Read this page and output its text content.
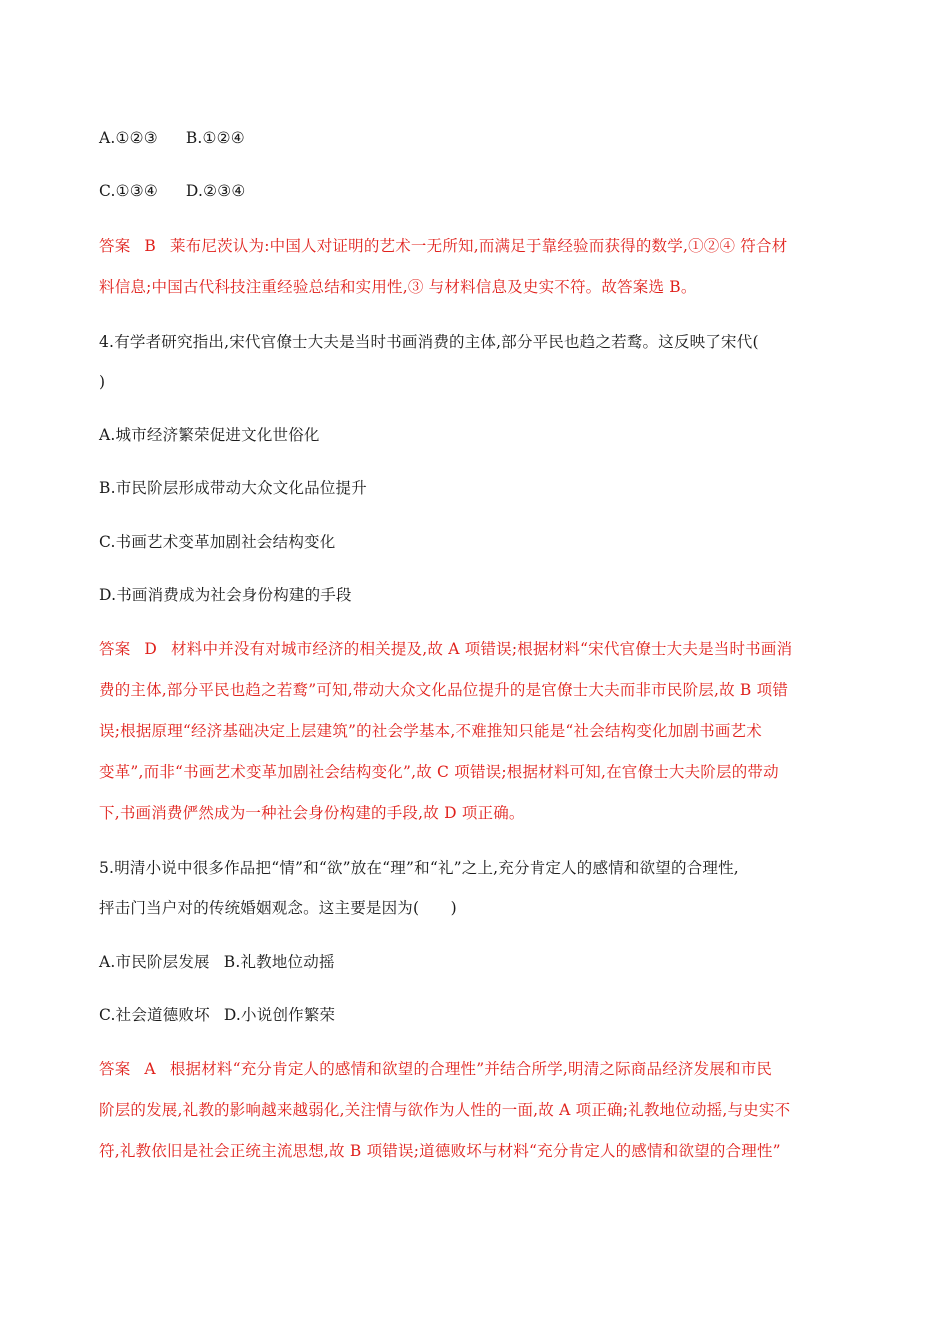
A.①②③ B.①②④
C.①③④ D.②③④
答案 B 莱布尼茨认为:中国人对证明的艺术一无所知,而满足于靠经验而获得的数学,①②④ 符合材
料信息;中国古代科技注重经验总结和实用性,③ 与材料信息及史实不符。故答案选 B。
4.有学者研究指出,宋代官僚士大夫是当时书画消费的主体,部分平民也趋之若鹜。这反映了宋代(
)
A.城市经济繁荣促进文化世俗化
B.市民阶层形成带动大众文化品位提升
C.书画艺术变革加剧社会结构变化
D.书画消费成为社会身份构建的手段
答案 D 材料中并没有对城市经济的相关提及,故 A 项错误;根据材料“宋代官僚士大夫是当时书画消
费的主体,部分平民也趋之若鹜”可知,带动大众文化品位提升的是官僚士大夫而非市民阶层,故 B 项错
误;根据原理“经济基础决定上层建筑”的社会学基本,不难推知只能是“社会结构变化加剧书画艺术
变革”,而非“书画艺术变革加剧社会结构变化”,故 C 项错误;根据材料可知,在官僚士大夫阶层的带动
下,书画消费俨然成为一种社会身份构建的手段,故 D 项正确。
5.明清小说中很多作品把“情”和“欲”放在“理”和“礼”之上,充分肯定人的感情和欲望的合理性,
抨击门当户对的传统婚姻观念。这主要是因为(　　)
A.市民阶层发展 B.礼教地位动摇
C.社会道德败坏 D.小说创作繁荣
答案 A 根据材料“充分肯定人的感情和欲望的合理性”并结合所学,明清之际商品经济发展和市民
阶层的发展,礼教的影响越来越弱化,关注情与欲作为人性的一面,故 A 项正确;礼教地位动摇,与史实不
符,礼教依旧是社会正统主流思想,故 B 项错误;道德败坏与材料“充分肯定人的感情和欲望的合理性”
